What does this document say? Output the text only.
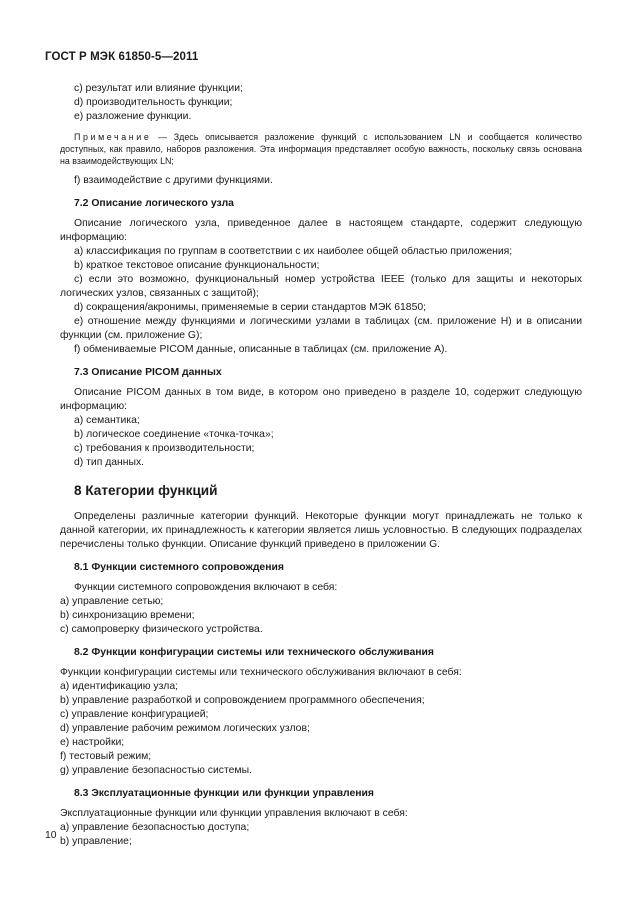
ГОСТ Р МЭК 61850-5—2011

c) результат или влияние функции;

d) производительность функции;

e) разложение функции.

Примечание — Здесь описывается разложение функций с использованием LN и сообщается количество доступных, как правило, наборов разложения. Эта информация представляет особую важность, поскольку связь основана на взаимодействующих LN;

f) взаимодействие с другими функциями.

7.2 Описание логического узла

Описание логического узла, приведенное далее в настоящем стандарте, содержит следующую информацию:

а) классификация по группам в соответствии с их наиболее общей областью приложения;

b) краткое текстовое описание функциональности;

c) если это возможно, функциональный номер устройства IEEE (только для защиты и некоторых логических узлов, связанных с защитой);

d) сокращения/акронимы, применяемые в серии стандартов МЭК 61850;

e) отношение между функциями и логическими узлами в таблицах (см. приложение H) и в описании функции (см. приложение G);

f) обмениваемые PICOM данные, описанные в таблицах (см. приложение A).

7.3 Описание PICOM данных

Описание PICOM данных в том виде, в котором оно приведено в разделе 10, содержит следующую информацию:

а) семантика;

b) логическое соединение «точка-точка»;

c) требования к производительности;

d) тип данных.

8 Категории функций

Определены различные категории функций. Некоторые функции могут принадлежать не только к данной категории, их принадлежность к категории является лишь условностью. В следующих подразделах перечислены только функции. Описание функций приведено в приложении G.

8.1 Функции системного сопровождения

Функции системного сопровождения включают в себя:

а) управление сетью;

b) синхронизацию времени;

c) самопроверку физического устройства.

8.2 Функции конфигурации системы или технического обслуживания

Функции конфигурации системы или технического обслуживания включают в себя:

а) идентификацию узла;

b) управление разработкой и сопровождением программного обеспечения;

c) управление конфигурацией;

d) управление рабочим режимом логических узлов;

e) настройки;

f) тестовый режим;

g) управление безопасностью системы.

8.3 Эксплуатационные функции или функции управления

Эксплуатационные функции или функции управления включают в себя:

а) управление безопасностью доступа;

b) управление;

10
